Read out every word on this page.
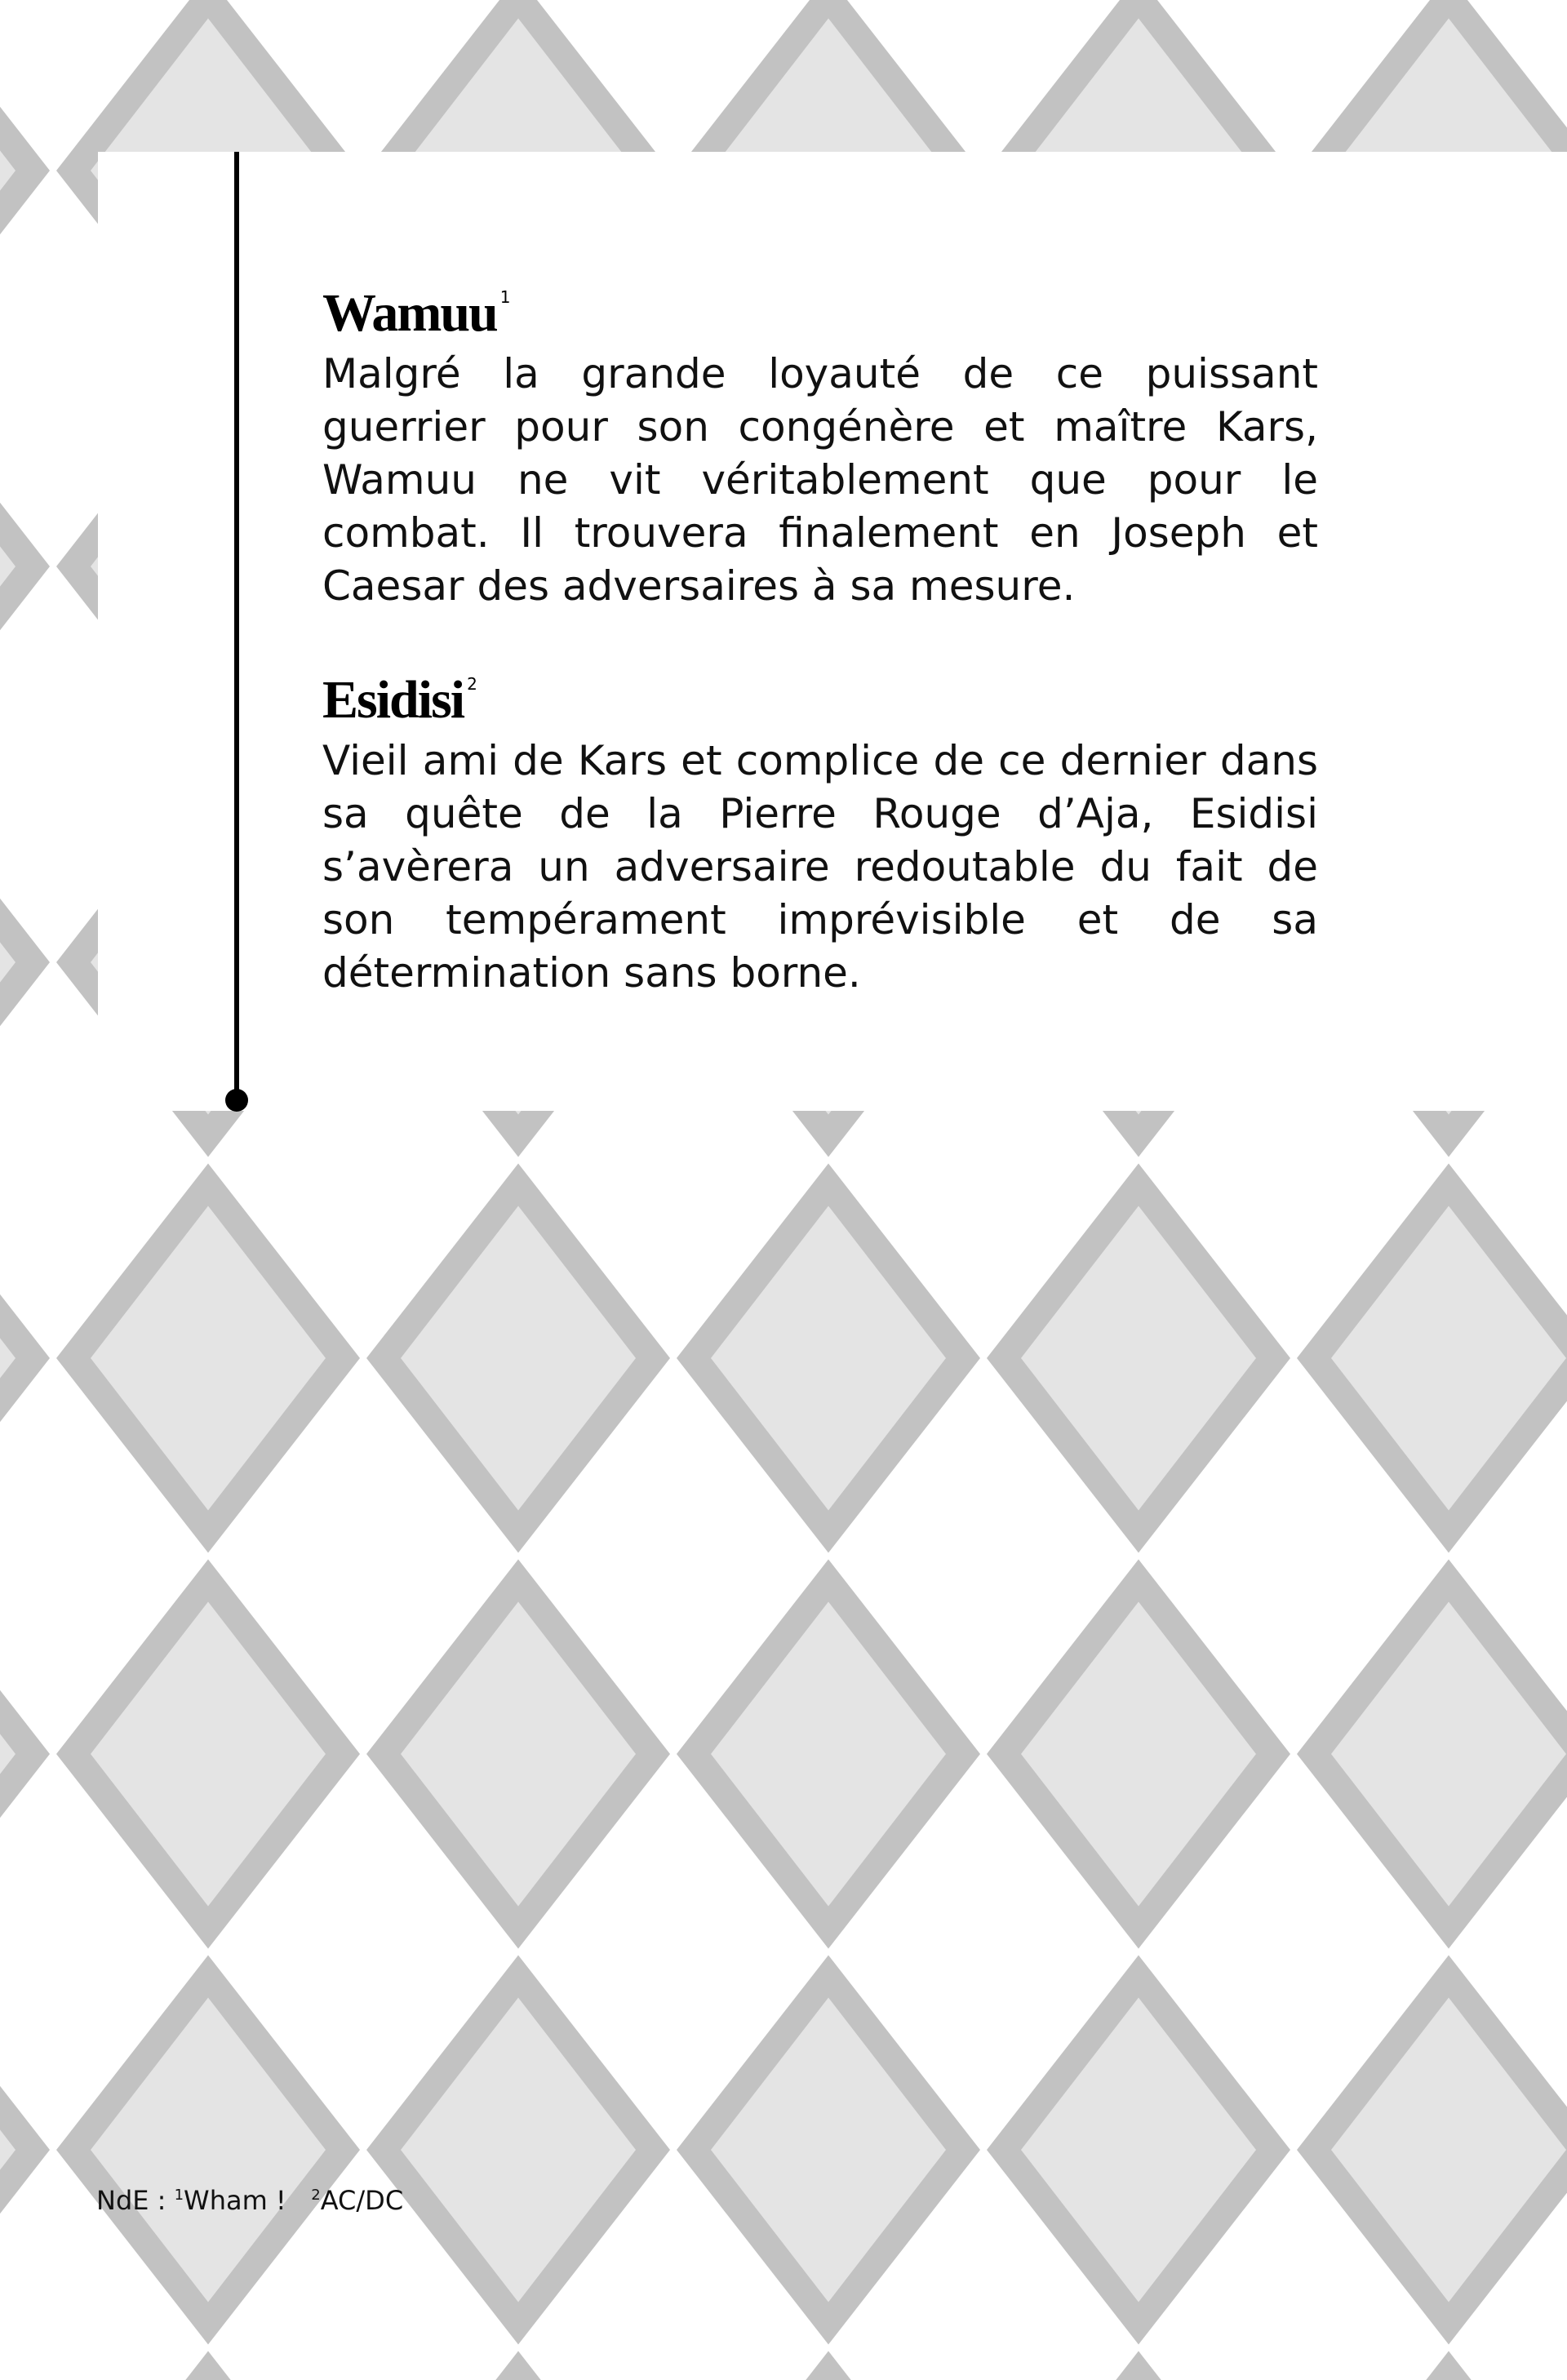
Wamuu $^1$

Malgré la grande loyauté de ce puissant guerrier pour son congénère et maître Kars, Wamuu ne vit véritablement que pour le combat. Il trouvera finalement en Joseph et Caesar des adversaires à sa mesure.

Esidisi $^2$

Vieil ami de Kars et complice de ce dernier dans sa quête de la Pierre Rouge d’Aja, Esidisi s’avèrera un adversaire redoutable du fait de son tempérament imprévisible et de sa détermination sans borne.

NdE : $^1$Wham ! $^2$AC/DC
